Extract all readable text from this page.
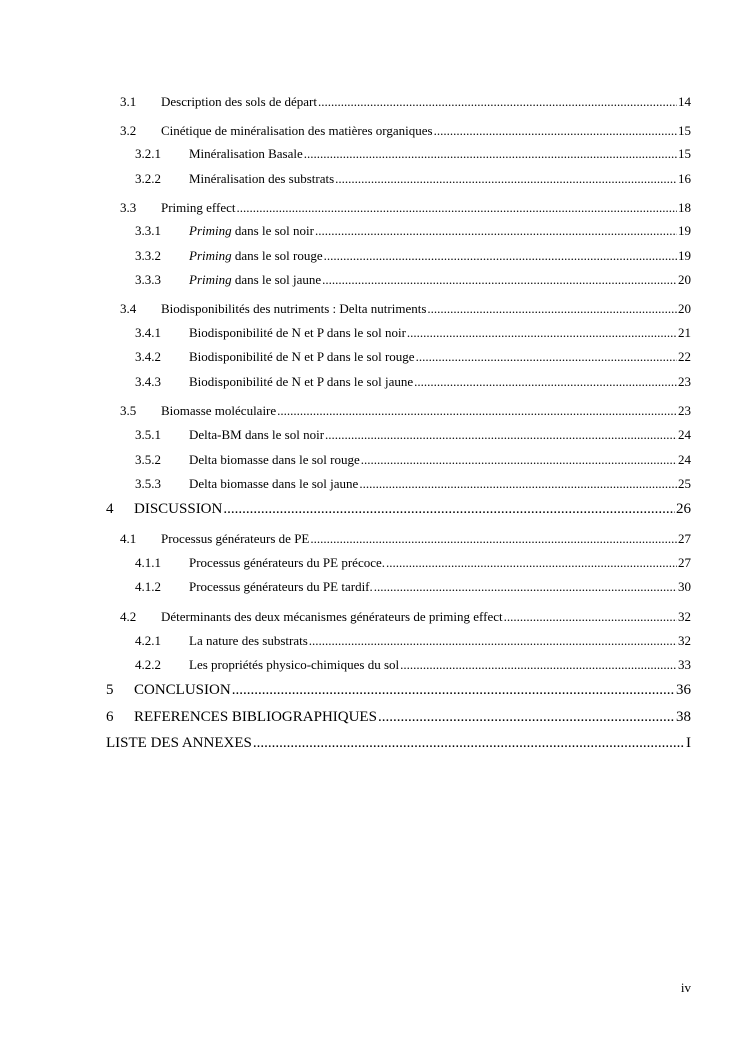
3.1	Description des sols de départ .....	14
3.2	Cinétique de minéralisation des matières organiques .....	15
3.2.1	Minéralisation Basale .....	15
3.2.2	Minéralisation des substrats .....	16
3.3	Priming effect .....	18
3.3.1	Priming dans le sol noir .....	19
3.3.2	Priming dans le sol rouge .....	19
3.3.3	Priming dans le sol jaune .....	20
3.4	Biodisponibilités des nutriments : Delta nutriments .....	20
3.4.1	Biodisponibilité de N et P dans le sol noir .....	21
3.4.2	Biodisponibilité de N et P dans le sol rouge .....	22
3.4.3	Biodisponibilité de N et P dans le sol jaune .....	23
3.5	Biomasse moléculaire .....	23
3.5.1	Delta-BM dans le sol noir .....	24
3.5.2	Delta biomasse dans le sol rouge .....	24
3.5.3	Delta biomasse dans le sol jaune .....	25
4	DISCUSSION .....	26
4.1	Processus générateurs de PE .....	27
4.1.1	Processus générateurs du PE précoce. .....	27
4.1.2	Processus générateurs du PE tardif. .....	30
4.2	Déterminants des deux mécanismes générateurs de priming effect .....	32
4.2.1	La nature des substrats .....	32
4.2.2	Les propriétés physico-chimiques du sol .....	33
5	CONCLUSION .....	36
6	REFERENCES BIBLIOGRAPHIQUES .....	38
LISTE DES ANNEXES .....	I
iv
